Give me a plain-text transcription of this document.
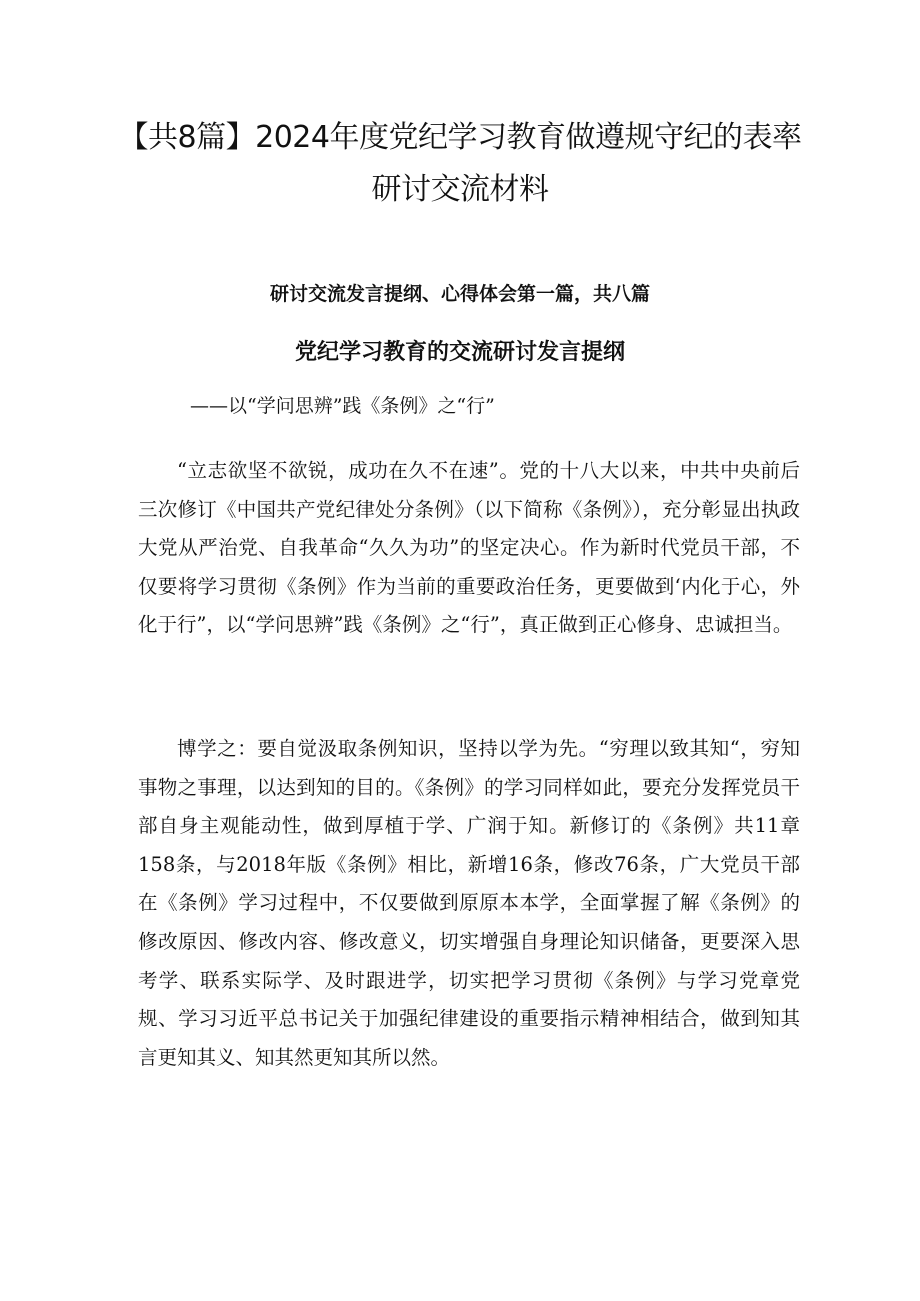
【共8篇】2024年度党纪学习教育做遵规守纪的表率研讨交流材料
研讨交流发言提纲、心得体会第一篇，共八篇
党纪学习教育的交流研讨发言提纲

——以“学问思辨”践《条例》之“行”

“立志欲坚不欲锐，成功在久不在速”。党的十八大以来，中共中央前后三次修订《中国共产党纪律处分条例》（以下简称《条例》），充分彰显出执政大党从严治党、自我革命“久久为功”的坚定决心。作为新时代党员干部，不仅要将学习贯彻《条例》作为当前的重要政治任务，更要做到‘内化于心，外化于行”，以“学问思辨”践《条例》之“行”，真正做到正心修身、忠诚担当。

博学之：要自觉汲取条例知识，坚持以学为先。“穷理以致其知“，穷知事物之事理，以达到知的目的。《条例》的学习同样如此，要充分发挥党员干部自身主观能动性，做到厚植于学、广润于知。新修订的《条例》共11章158条，与2018年版《条例》相比，新增16条，修改76条，广大党员干部在《条例》学习过程中，不仅要做到原原本本学，全面掌握了解《条例》的修改原因、修改内容、修改意义，切实增强自身理论知识储备，更要深入思考学、联系实际学、及时跟进学，切实把学习贯彻《条例》与学习党章党规、学习习近平总书记关于加强纪律建设的重要指示精神相结合，做到知其言更知其义、知其然更知其所以然。
